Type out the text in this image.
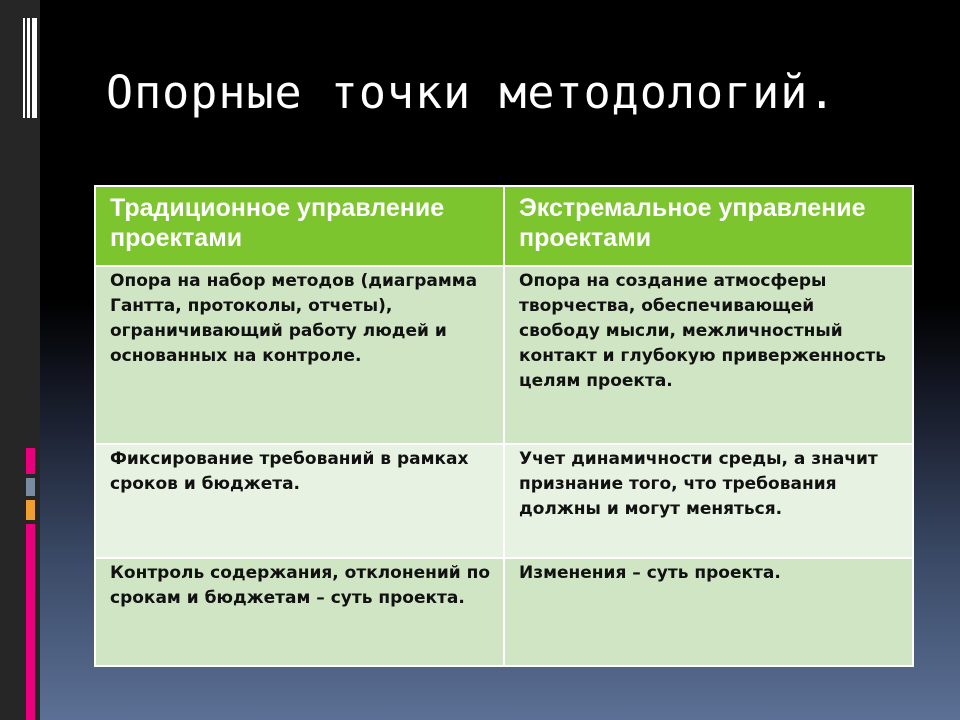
Опорные точки методологий.
Традиционное управление проектами	Экстремальное управление проектами
Опора на набор методов (диаграмма Гантта, протоколы, отчеты), ограничивающий работу людей и основанных на контроле.	Опора на создание атмосферы творчества, обеспечивающей свободу мысли, межличностный контакт и глубокую приверженность целям проекта.
Фиксирование требований в рамках сроков и бюджета.	Учет динамичности среды, а значит признание того, что требования должны и могут меняться.
Контроль содержания, отклонений по срокам и бюджетам – суть проекта.	Изменения – суть проекта.
